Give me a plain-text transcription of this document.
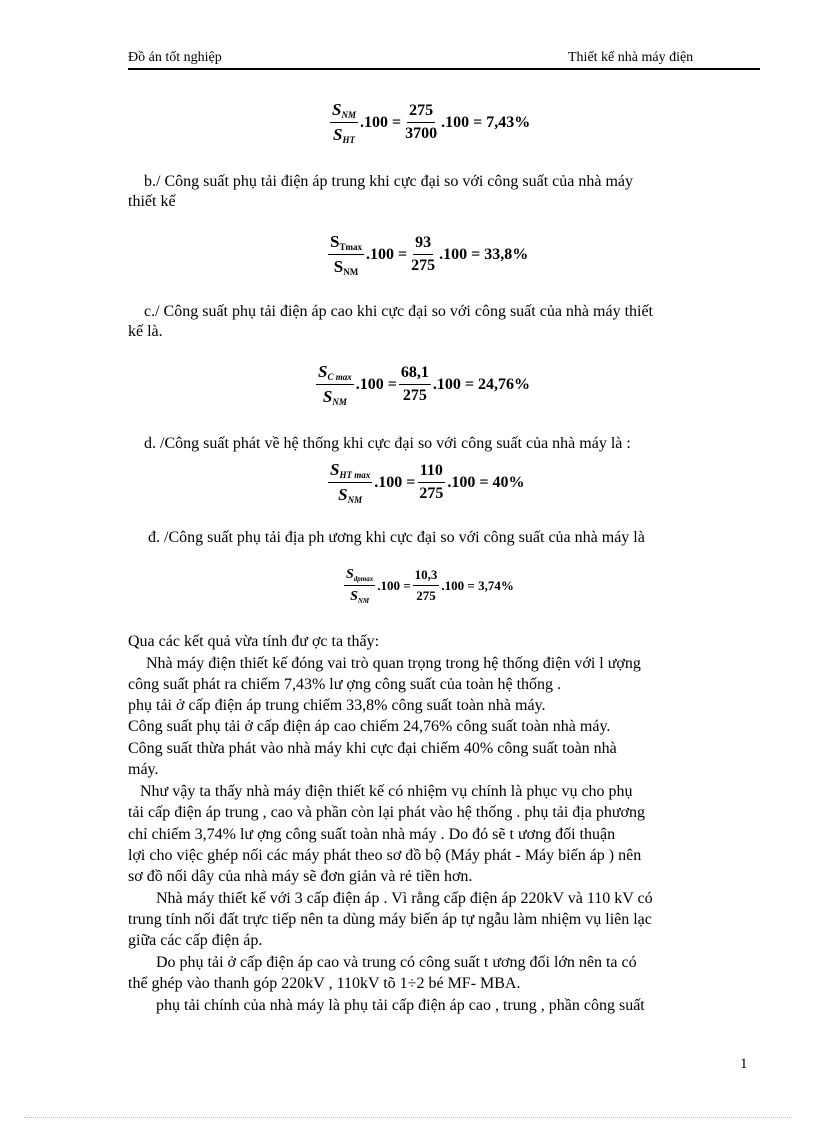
Đồ án tốt nghiệp	Thiết kế nhà máy điện
$\frac{S_{NM}}{S_{HT}} .100 = \frac{275}{3700} .100 = 7,43\%$
b./ Công suất phụ tải điện áp trung khi cực đại so với công suất của nhà máy
thiết kế
$\frac{S_{Tmax}}{S_{NM}} .100 = \frac{93}{275} .100 = 33,8\%$
c./ Công suất phụ tải điện áp cao khi cực đại so với công suất của nhà máy thiết
kế là.
$\frac{S_{C max}}{S_{NM}} .100 = \frac{68,1}{275} .100 = 24,76\%$
d. /Công suất phát về hệ thống khi cực đại so với công suất của nhà máy là :
$\frac{S_{HT max}}{S_{NM}} .100 = \frac{110}{275} .100 = 40\%$
đ. /Công suất phụ tải địa ph ương khi cực đại so với công suất của nhà máy là
$\frac{S_{dpmax}}{S_{NM}} .100 = \frac{10,3}{275} .100 = 3,74\%$
Qua các kết quả vừa tính đư ợc ta thấy:
Nhà máy điện thiết kế đóng vai trò quan trọng trong hệ thống điện với l ượng
công suất phát ra chiếm 7,43% lư ợng công suất của toàn hệ thống .
phụ tải ở cấp điện áp trung chiếm 33,8% công suất toàn nhà máy.
Công suất phụ tải ở cấp điện áp cao chiếm 24,76% công suất toàn nhà máy.
Công suất thừa phát vào nhà máy khi cực đại chiếm 40% công suất toàn nhà
máy.
Như vậy ta thấy nhà máy điện thiết kế có nhiệm vụ chính là phục vụ cho phụ
tải cấp điện áp trung , cao và phần còn lại phát vào hệ thống . phụ tải địa phương
chỉ chiếm 3,74% lư ợng công suất toàn nhà máy . Do đó sẽ t ương đối thuận
lợi cho việc ghép nối các máy phát theo sơ đồ bộ (Máy phát - Máy biến áp ) nên
sơ đồ nối dây của nhà máy sẽ đơn giản và rẻ tiền hơn.
Nhà máy thiết kế với 3 cấp điện áp . Vì rằng cấp điện áp 220kV và 110 kV có
trung tính nối đất trực tiếp nên ta dùng máy biến áp tự ngẫu làm nhiệm vụ liên lạc
giữa các cấp điện áp.
Do phụ tải ở cấp điện áp cao và trung có công suất t ương đối lớn nên ta có
thể ghép vào thanh góp 220kV , 110kV tõ 1÷2 bé MF- MBA.
phụ tải chính của nhà máy là phụ tải cấp điện áp cao , trung , phần công suất
1
